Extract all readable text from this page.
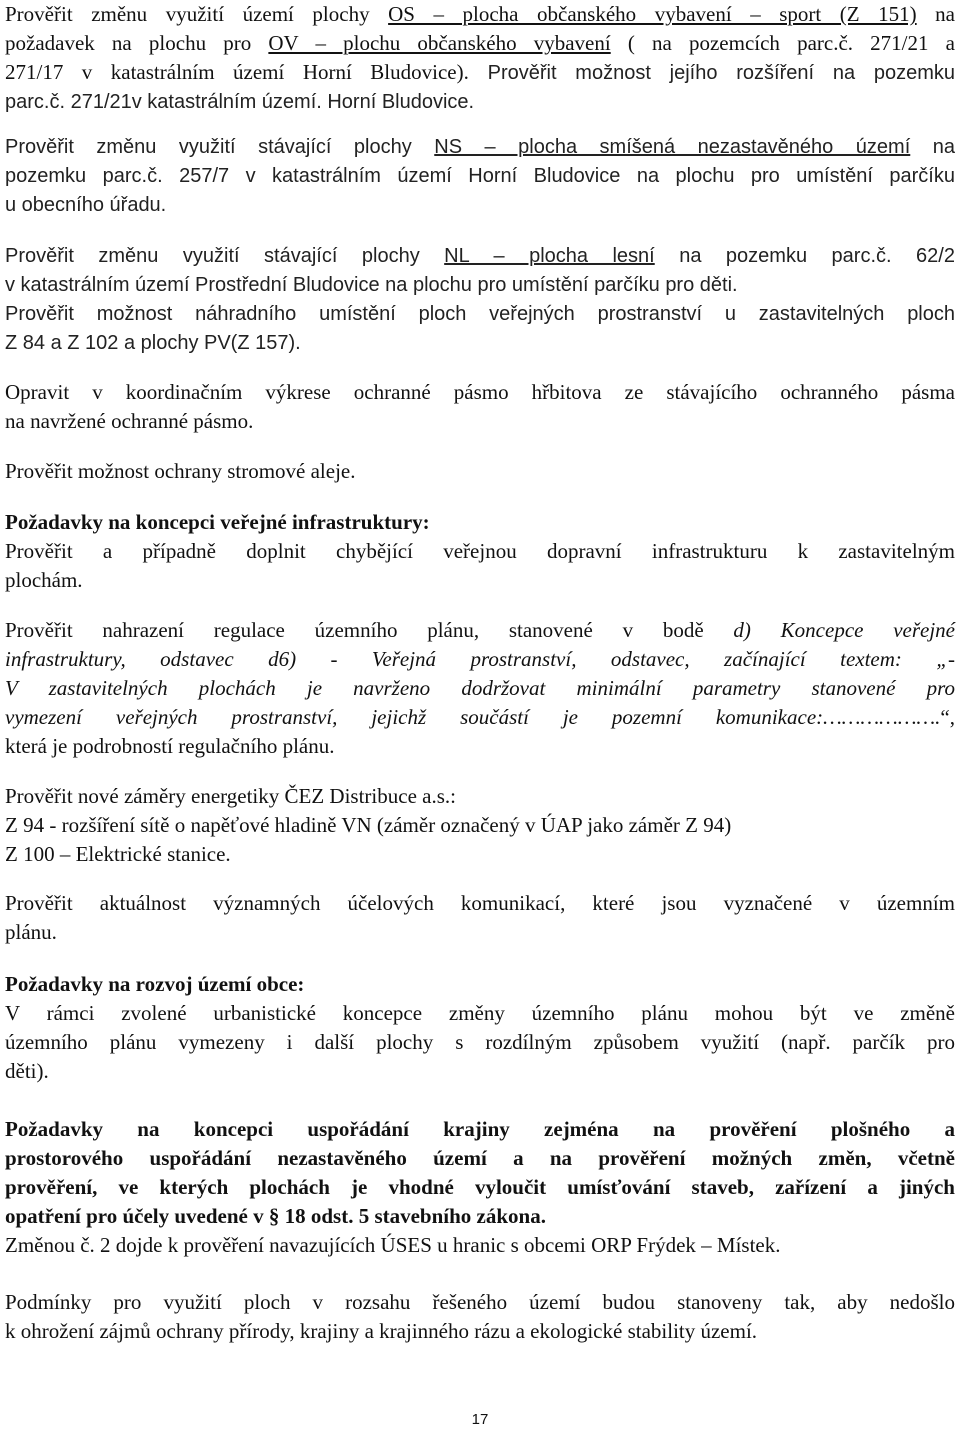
Prověřit změnu využití území plochy OS – plocha občanského vybavení – sport (Z 151) na
požadavek na plochu pro OV – plochu občanského vybavení ( na pozemcích parc.č. 271/21 a
271/17 v katastrálním území Horní Bludovice). Prověřit možnost jejího rozšíření na pozemku
parc.č. 271/21v katastrálním území. Horní Bludovice.
Prověřit změnu využití stávající plochy NS – plocha smíšená nezastavěného území na
pozemku parc.č. 257/7 v katastrálním území Horní Bludovice na plochu pro umístění parčíku
u obecního úřadu.
Prověřit změnu využití stávající plochy NL – plocha lesní na pozemku parc.č. 62/2
v katastrálním území Prostřední Bludovice na plochu pro umístění parčíku pro děti.
Prověřit možnost náhradního umístění ploch veřejných prostranství u zastavitelných ploch
Z 84 a Z 102 a plochy PV(Z 157).
Opravit v koordinačním výkrese ochranné pásmo hřbitova ze stávajícího ochranného pásma
na navržené ochranné pásmo.
Prověřit možnost ochrany stromové aleje.
Požadavky na koncepci veřejné infrastruktury:
Prověřit a případně doplnit chybějící veřejnou dopravní infrastrukturu k zastavitelným
plochám.
Prověřit nahrazení regulace územního plánu, stanovené v bodě d) Koncepce veřejné
infrastruktury, odstavec d6) - Veřejná prostranství, odstavec, začínající textem: „-
V zastavitelných plochách je navrženo dodržovat minimální parametry stanovené pro
vymezení veřejných prostranství, jejichž součástí je pozemní komunikace:……………….“,
která je podrobností regulačního plánu.
Prověřit nové záměry energetiky ČEZ Distribuce a.s.:
Z 94 - rozšíření sítě o napěťové hladině VN (záměr označený v ÚAP jako záměr Z 94)
Z 100 – Elektrické stanice.
Prověřit aktuálnost významných účelových komunikací, které jsou vyznačené v územním
plánu.
Požadavky na rozvoj území obce:
V rámci zvolené urbanistické koncepce změny územního plánu mohou být ve změně
územního plánu vymezeny i další plochy s rozdílným způsobem využití (např. parčík pro
děti).
Požadavky na koncepci uspořádání krajiny zejména na prověření plošného a
prostorového uspořádání nezastavěného území a na prověření možných změn, včetně
prověření, ve kterých plochách je vhodné vyloučit umísťování staveb, zařízení a jiných
opatření pro účely uvedené v § 18 odst. 5 stavebního zákona.
Změnou č. 2 dojde k prověření navazujících ÚSES u hranic s obcemi ORP Frýdek – Místek.
Podmínky pro využití ploch v rozsahu řešeného území budou stanoveny tak, aby nedošlo
k ohrožení zájmů ochrany přírody, krajiny a krajinného rázu a ekologické stability území.
17
